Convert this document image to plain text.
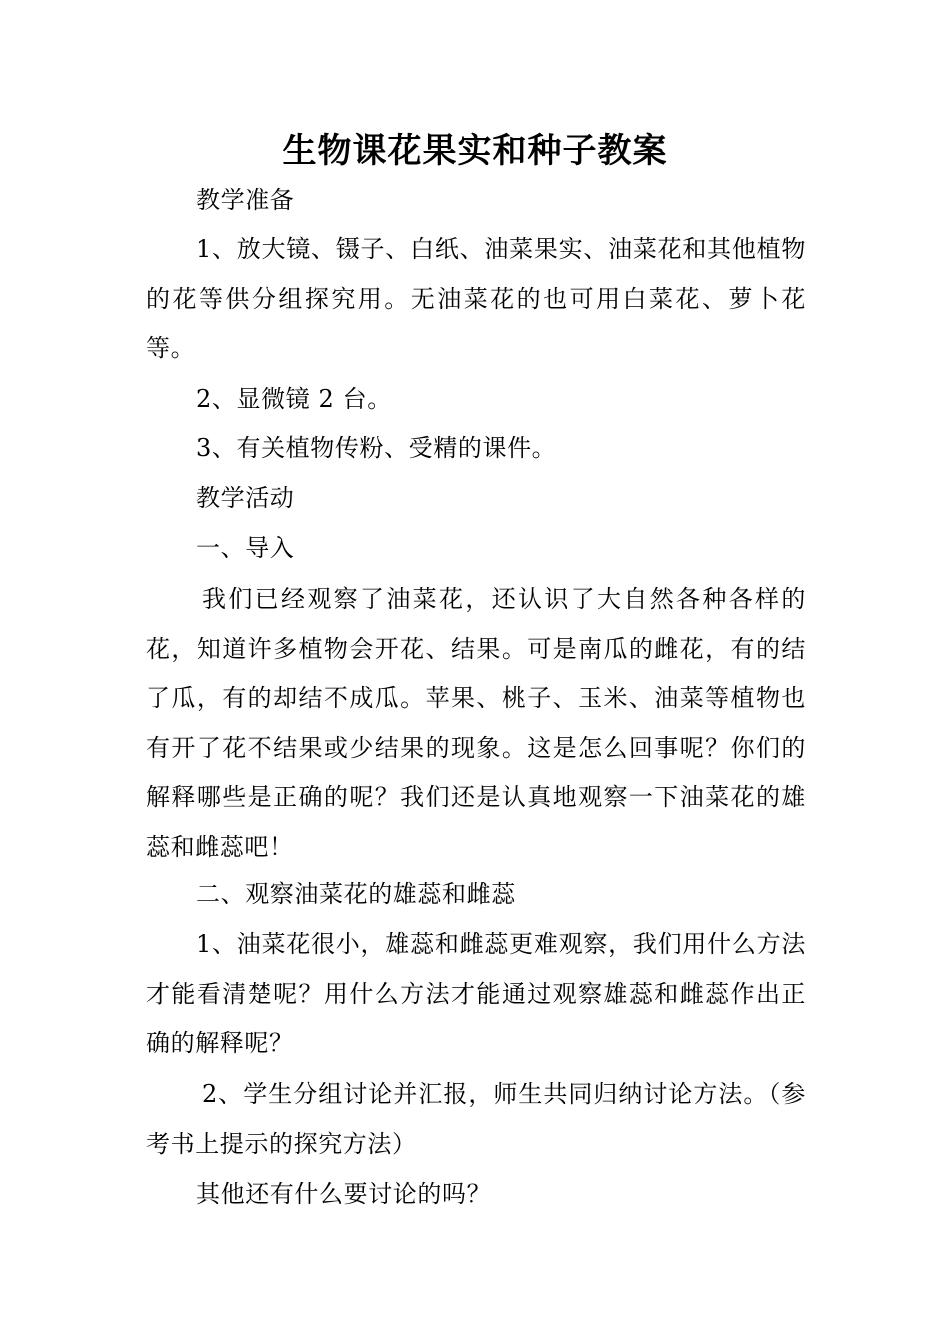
生物课花果实和种子教案

教学准备

1、放大镜、镊子、白纸、油菜果实、油菜花和其他植物的花等供分组探究用。无油菜花的也可用白菜花、萝卜花等。

2、显微镜 2 台。

3、有关植物传粉、受精的课件。

教学活动

一、导入

我们已经观察了油菜花，还认识了大自然各种各样的花，知道许多植物会开花、结果。可是南瓜的雌花，有的结了瓜，有的却结不成瓜。苹果、桃子、玉米、油菜等植物也有开了花不结果或少结果的现象。这是怎么回事呢？你们的解释哪些是正确的呢？我们还是认真地观察一下油菜花的雄蕊和雌蕊吧！

二、观察油菜花的雄蕊和雌蕊

1、油菜花很小，雄蕊和雌蕊更难观察，我们用什么方法才能看清楚呢？用什么方法才能通过观察雄蕊和雌蕊作出正确的解释呢？

2、学生分组讨论并汇报，师生共同归纳讨论方法。（参考书上提示的探究方法）

其他还有什么要讨论的吗？
